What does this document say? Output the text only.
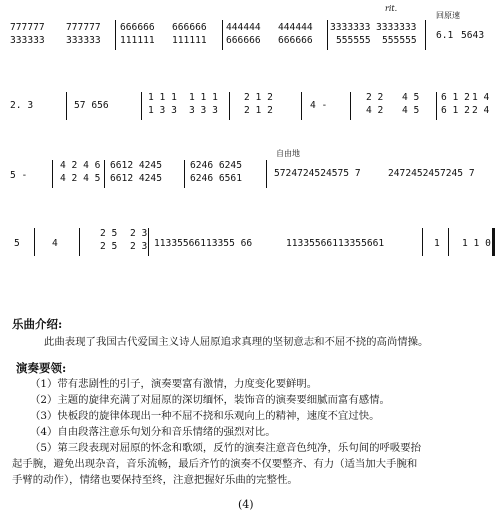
rit.
回原速
777777
333333
777777
333333
666666
111111
666666
111111
444444
666666
444444
666666
3333333
555555
3333333
555555 6.1 5643
2. 3	57 656
1 1 1
1 3 3
1 1 1
3 3 3
2 1 2
2 1 2	4 -
2 2
4 2
4 5
4 5
6 1 2
6 1 2
1 4
2 4
自由地
5 -
4 2 4 6
4 2 4 5
6612 4245
6612 4245
6246 6245
6246 6561	5724724524575 7	2472452457245 7
5	4
2 5
2 5
2 3
2 3 11335566113355 66	11335566113355661	1 1 1 0
乐曲介绍:
此曲表现了我国古代爱国主义诗人屈原追求真理的坚韧意志和不屈不挠的高尚情操。
演奏要领:
（1）带有悲剧性的引子，演奏要富有激情，力度变化要鲜明。
（2）主题的旋律充满了对屈原的深切缅怀，装饰音的演奏要细腻而富有感情。
（3）快板段的旋律体现出一种不屈不挠和乐观向上的精神，速度不宜过快。
（4）自由段落注意乐句划分和音乐情绪的强烈对比。
（5）第三段表现对屈原的怀念和歌颂，反竹的演奏注意音色纯净，乐句间的呼吸要抬
起手腕，避免出现杂音，音乐流畅，最后齐竹的演奏不仅要整齐、有力（适当加大手腕和
手臂的动作），情绪也要保持至终，注意把握好乐曲的完整性。
(4)
